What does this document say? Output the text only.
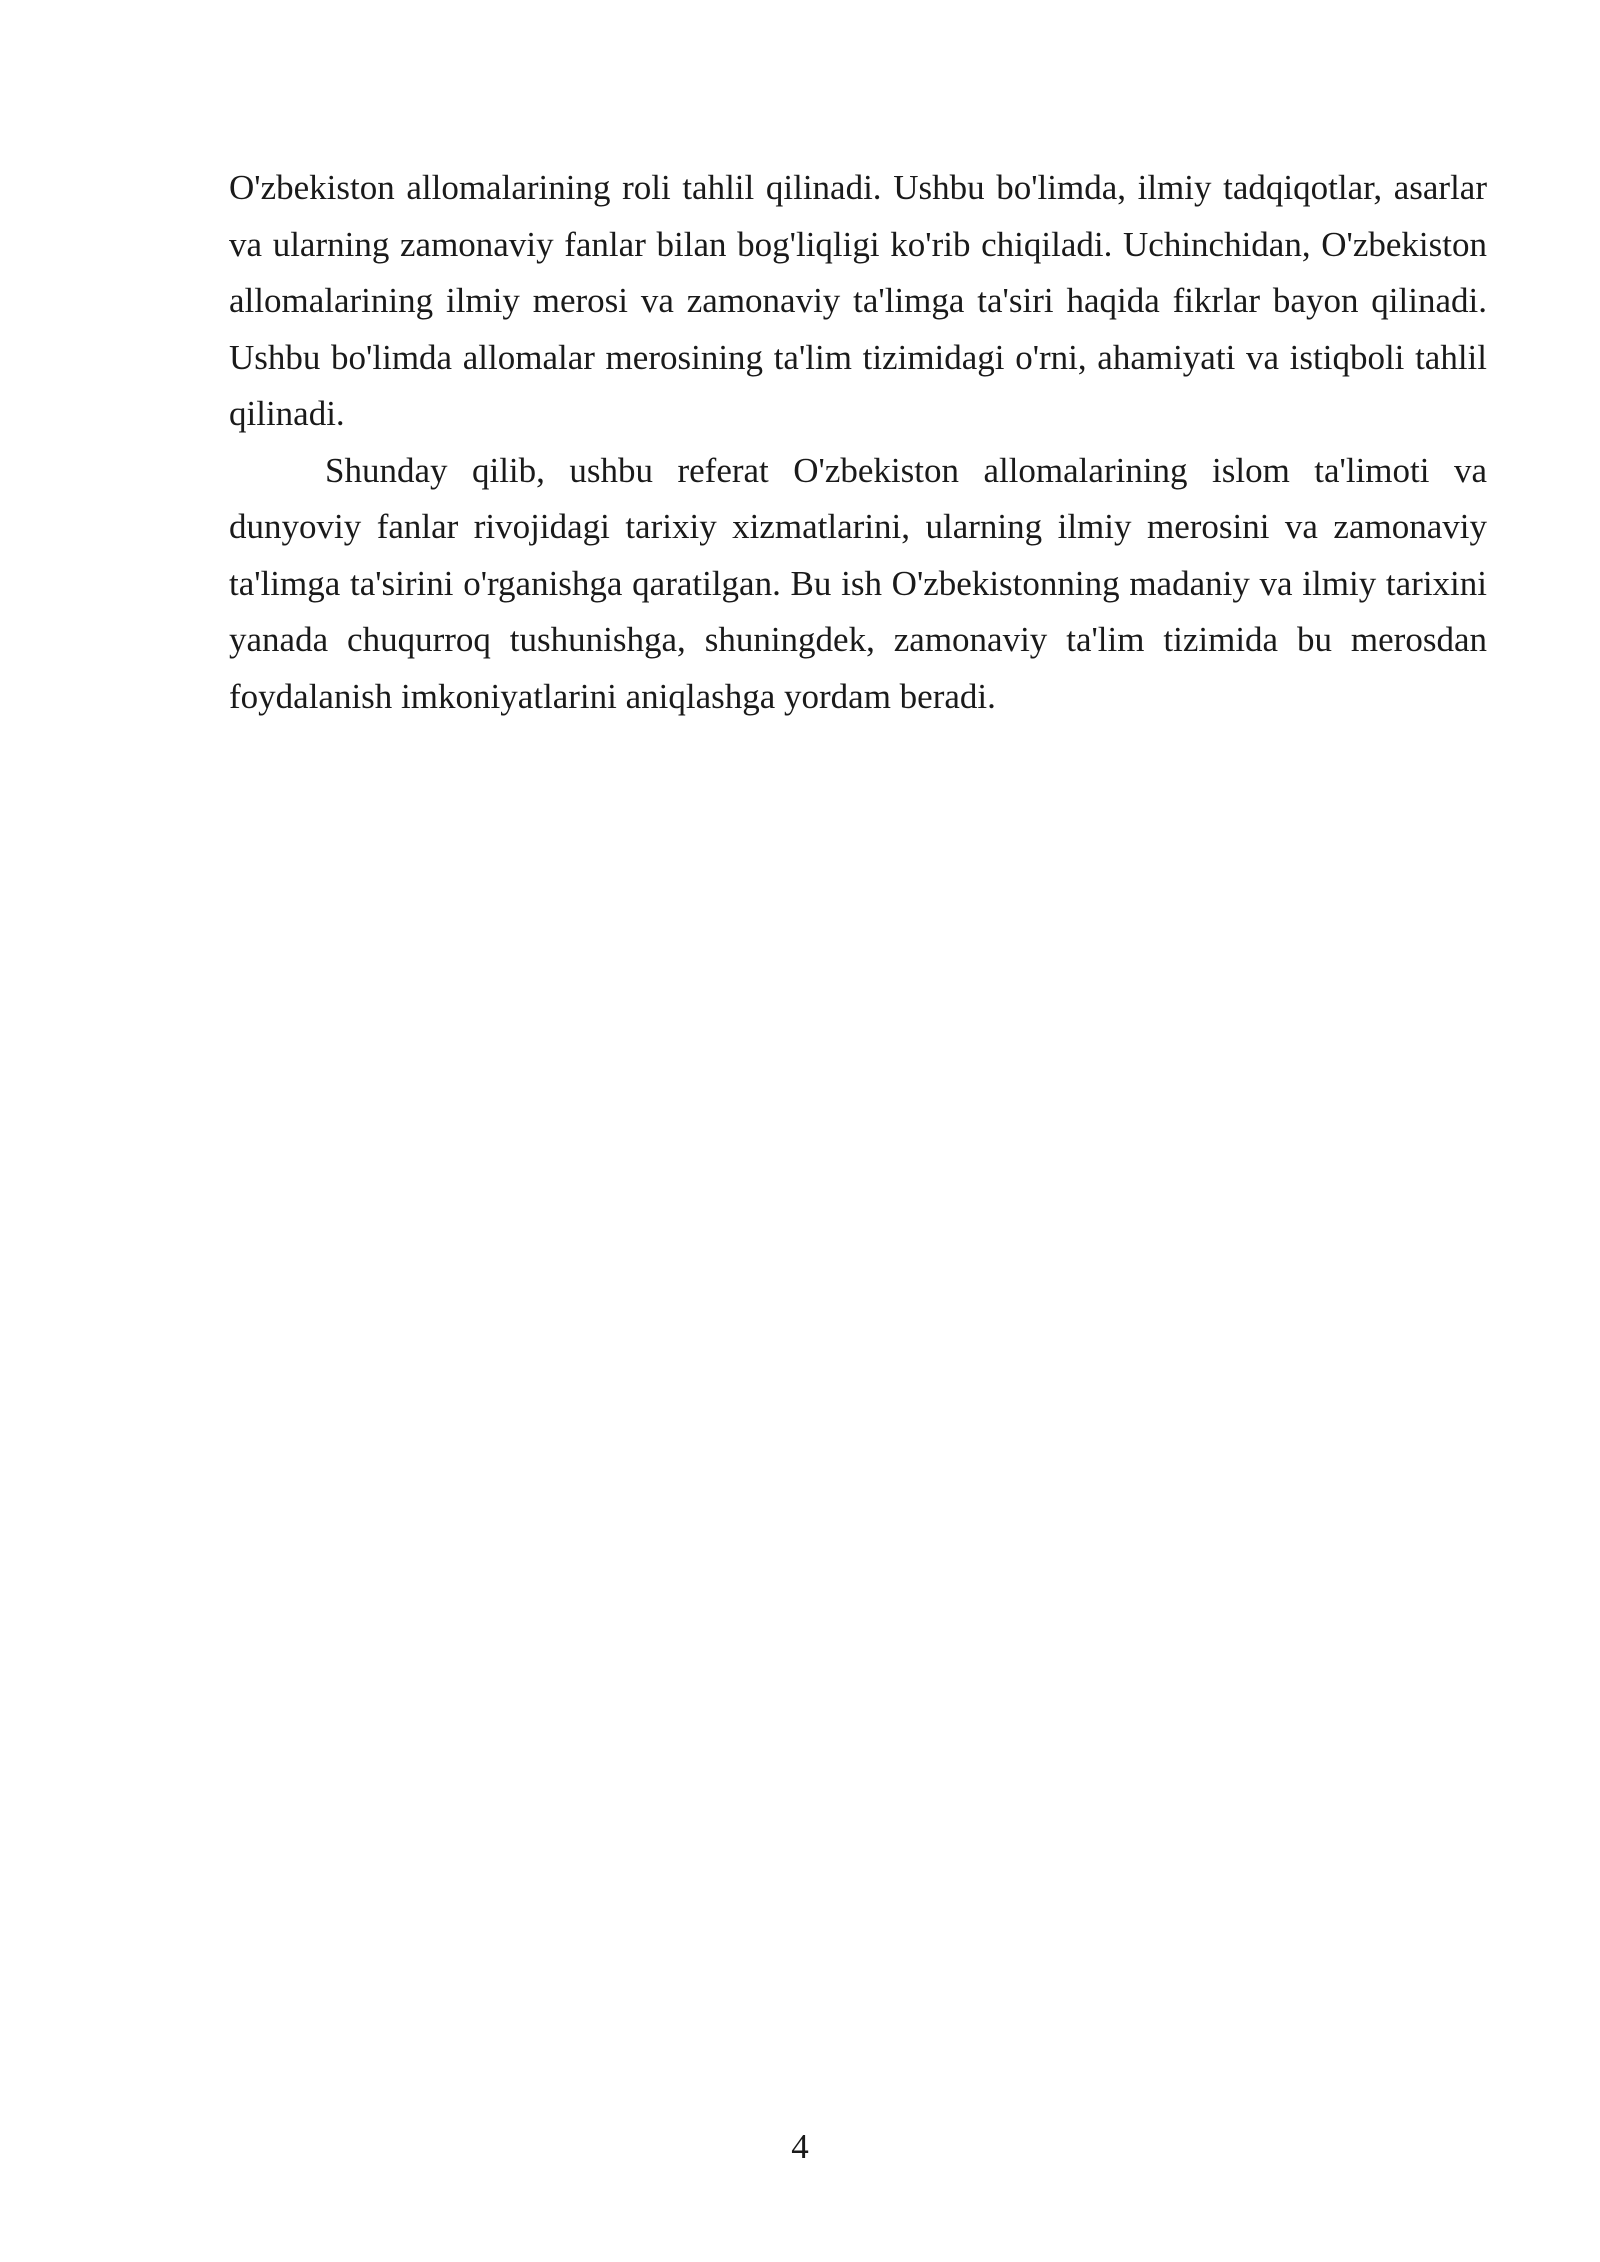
O'zbekiston allomalarining roli tahlil qilinadi. Ushbu bo'limda, ilmiy tadqiqotlar, asarlar va ularning zamonaviy fanlar bilan bog'liqligi ko'rib chiqiladi. Uchinchidan, O'zbekiston allomalarining ilmiy merosi va zamonaviy ta'limga ta'siri haqida fikrlar bayon qilinadi. Ushbu bo'limda allomalar merosining ta'lim tizimidagi o'rni, ahamiyati va istiqboli tahlil qilinadi.

Shunday qilib, ushbu referat O'zbekiston allomalarining islom ta'limoti va dunyoviy fanlar rivojidagi tarixiy xizmatlarini, ularning ilmiy merosini va zamonaviy ta'limga ta'sirini o'rganishga qaratilgan. Bu ish O'zbekistonning madaniy va ilmiy tarixini yanada chuqurroq tushunishga, shuningdek, zamonaviy ta'lim tizimida bu merosdan foydalanish imkoniyatlarini aniqlashga yordam beradi.

4
